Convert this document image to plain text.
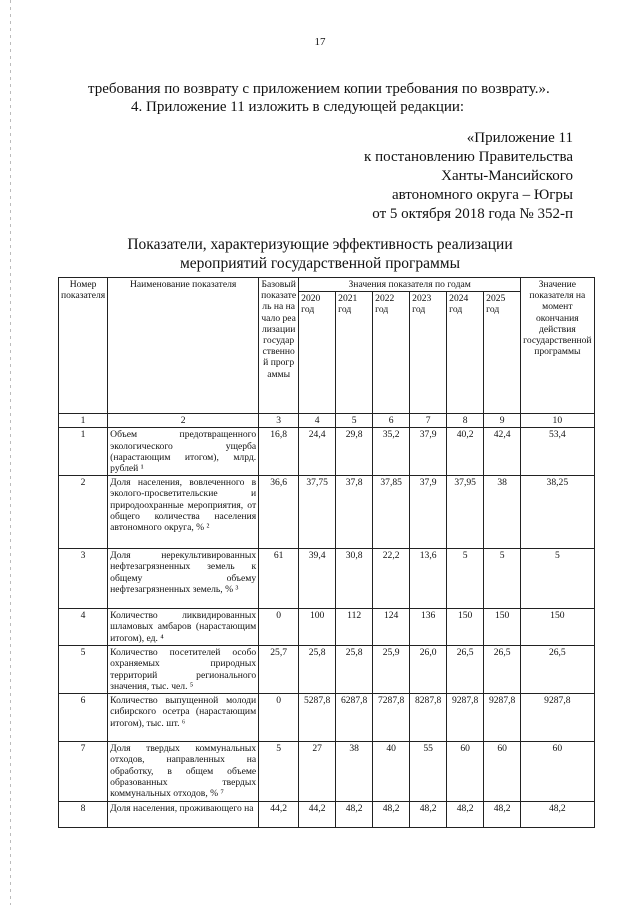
17
требования по возврату с приложением копии требования по возврату.».
4. Приложение 11 изложить в следующей редакции:
«Приложение 11
к постановлению Правительства
Ханты-Мансийского
автономного округа – Югры
от 5 октября 2018 года № 352-п
Показатели, характеризующие эффективность реализации
мероприятий государственной программы
Номер показателя	Наименование показателя	Базовый показатель на начало реализации государственной программы	Значения показателя по годам						Значение показателя на момент окончания действия государственной программы
			2020 год	2021 год	2022 год	2023 год	2024 год	2025 год	
1	2	3	4	5	6	7	8	9	10
1	Объем предотвращенного экологического ущерба (нарастающим итогом), млрд. рублей ¹	16,8	24,4	29,8	35,2	37,9	40,2	42,4	53,4
2	Доля населения, вовлеченного в эколого-просветительские и природоохранные мероприятия, от общего количества населения автономного округа, % ²	36,6	37,75	37,8	37,85	37,9	37,95	38	38,25
3	Доля нерекультивированных нефтезагрязненных земель к общему объему нефтезагрязненных земель, % ³	61	39,4	30,8	22,2	13,6	5	5	5
4	Количество ликвидированных шламовых амбаров (нарастающим итогом), ед. ⁴	0	100	112	124	136	150	150	150
5	Количество посетителей особо охраняемых природных территорий регионального значения, тыс. чел. ⁵	25,7	25,8	25,8	25,9	26,0	26,5	26,5	26,5
6	Количество выпущенной молоди сибирского осетра (нарастающим итогом), тыс. шт. ⁶	0	5287,8	6287,8	7287,8	8287,8	9287,8	9287,8	9287,8
7	Доля твердых коммунальных отходов, направленных на обработку, в общем объеме образованных твердых коммунальных отходов, % ⁷	5	27	38	40	55	60	60	60
8	Доля населения, проживающего на	44,2	44,2	48,2	48,2	48,2	48,2	48,2	48,2
